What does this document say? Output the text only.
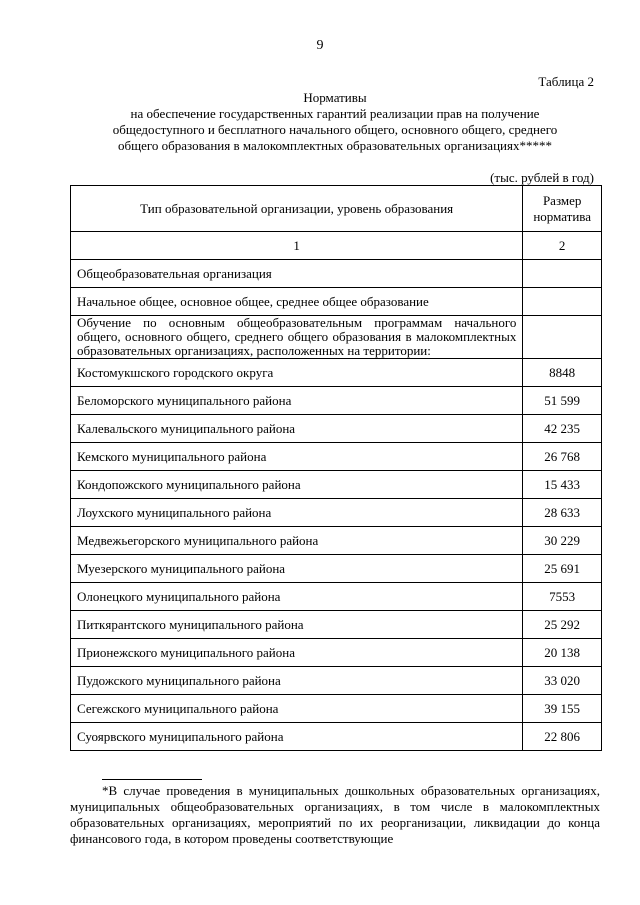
9
Таблица 2
Нормативы
на обеспечение государственных гарантий реализации прав на получение
общедоступного и бесплатного начального общего, основного общего, среднего
общего образования в малокомплектных образовательных организациях*****
(тыс. рублей в год)
Тип образовательной организации, уровень образования	Размер норматива
1	2
Общеобразовательная организация	
Начальное общее, основное общее, среднее общее образование	
Обучение по основным общеобразовательным программам начального общего, основного общего, среднего общего образования в малокомплектных образовательных организациях, расположенных на территории:	
Костомукшского городского округа	8848
Беломорского муниципального района	51 599
Калевальского муниципального района	42 235
Кемского муниципального района	26 768
Кондопожского муниципального района	15 433
Лоухского муниципального района	28 633
Медвежьегорского муниципального района	30 229
Муезерского муниципального района	25 691
Олонецкого муниципального района	7553
Питкярантского муниципального района	25 292
Прионежского муниципального района	20 138
Пудожского муниципального района	33 020
Сегежского муниципального района	39 155
Суоярвского муниципального района	22 806
*В случае проведения в муниципальных дошкольных образовательных организациях, муниципальных общеобразовательных организациях, в том числе в малокомплектных образовательных организациях, мероприятий по их реорганизации, ликвидации до конца финансового года, в котором проведены соответствующие
